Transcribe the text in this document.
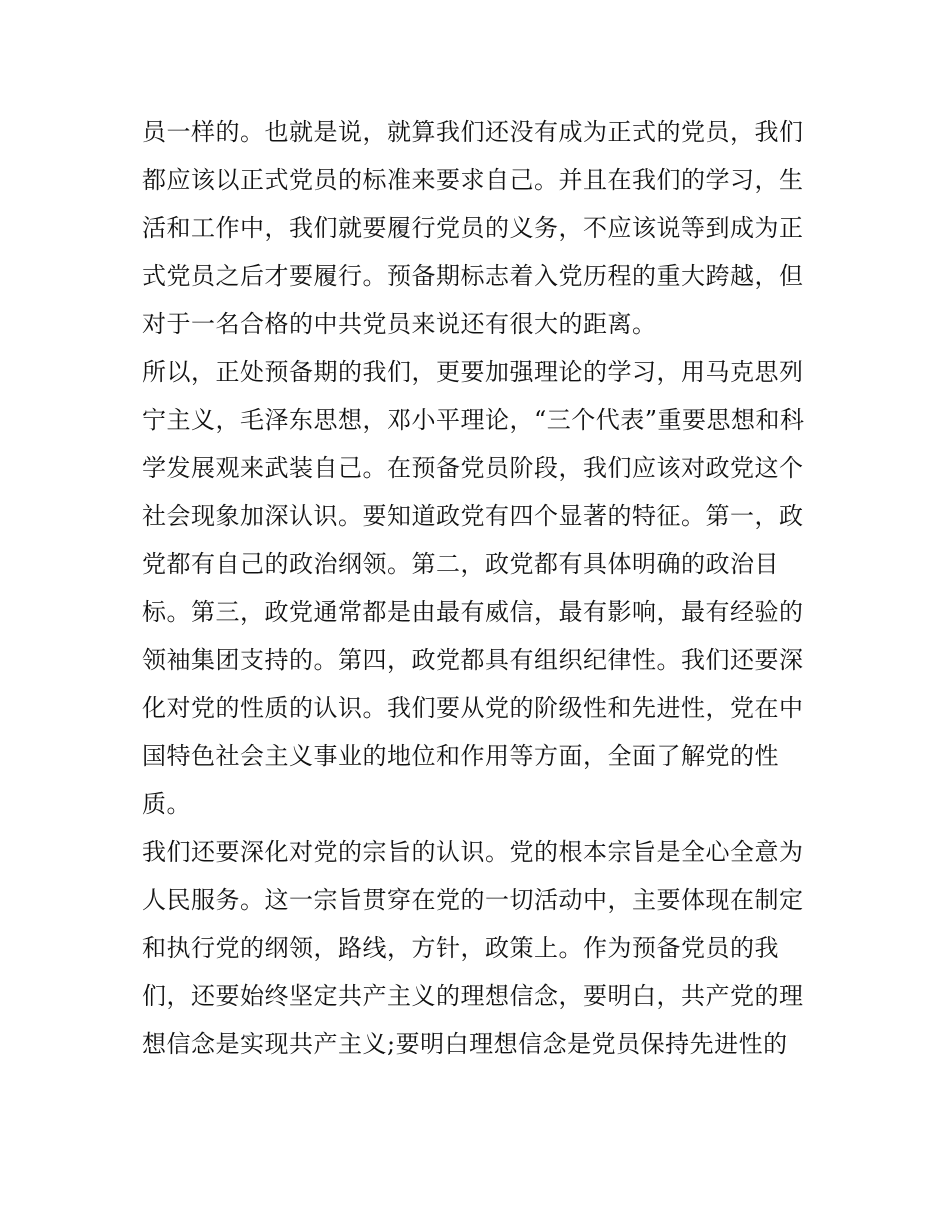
员一样的。也就是说，就算我们还没有成为正式的党员，我们
都应该以正式党员的标准来要求自己。并且在我们的学习，生
活和工作中，我们就要履行党员的义务，不应该说等到成为正
式党员之后才要履行。预备期标志着入党历程的重大跨越，但
对于一名合格的中共党员来说还有很大的距离。
所以，正处预备期的我们，更要加强理论的学习，用马克思列
宁主义，毛泽东思想，邓小平理论，“三个代表”重要思想和科
学发展观来武装自己。在预备党员阶段，我们应该对政党这个
社会现象加深认识。要知道政党有四个显著的特征。第一，政
党都有自己的政治纲领。第二，政党都有具体明确的政治目
标。第三，政党通常都是由最有威信，最有影响，最有经验的
领袖集团支持的。第四，政党都具有组织纪律性。我们还要深
化对党的性质的认识。我们要从党的阶级性和先进性，党在中
国特色社会主义事业的地位和作用等方面，全面了解党的性
质。
我们还要深化对党的宗旨的认识。党的根本宗旨是全心全意为
人民服务。这一宗旨贯穿在党的一切活动中，主要体现在制定
和执行党的纲领，路线，方针，政策上。作为预备党员的我
们，还要始终坚定共产主义的理想信念，要明白，共产党的理
想信念是实现共产主义;要明白理想信念是党员保持先进性的
